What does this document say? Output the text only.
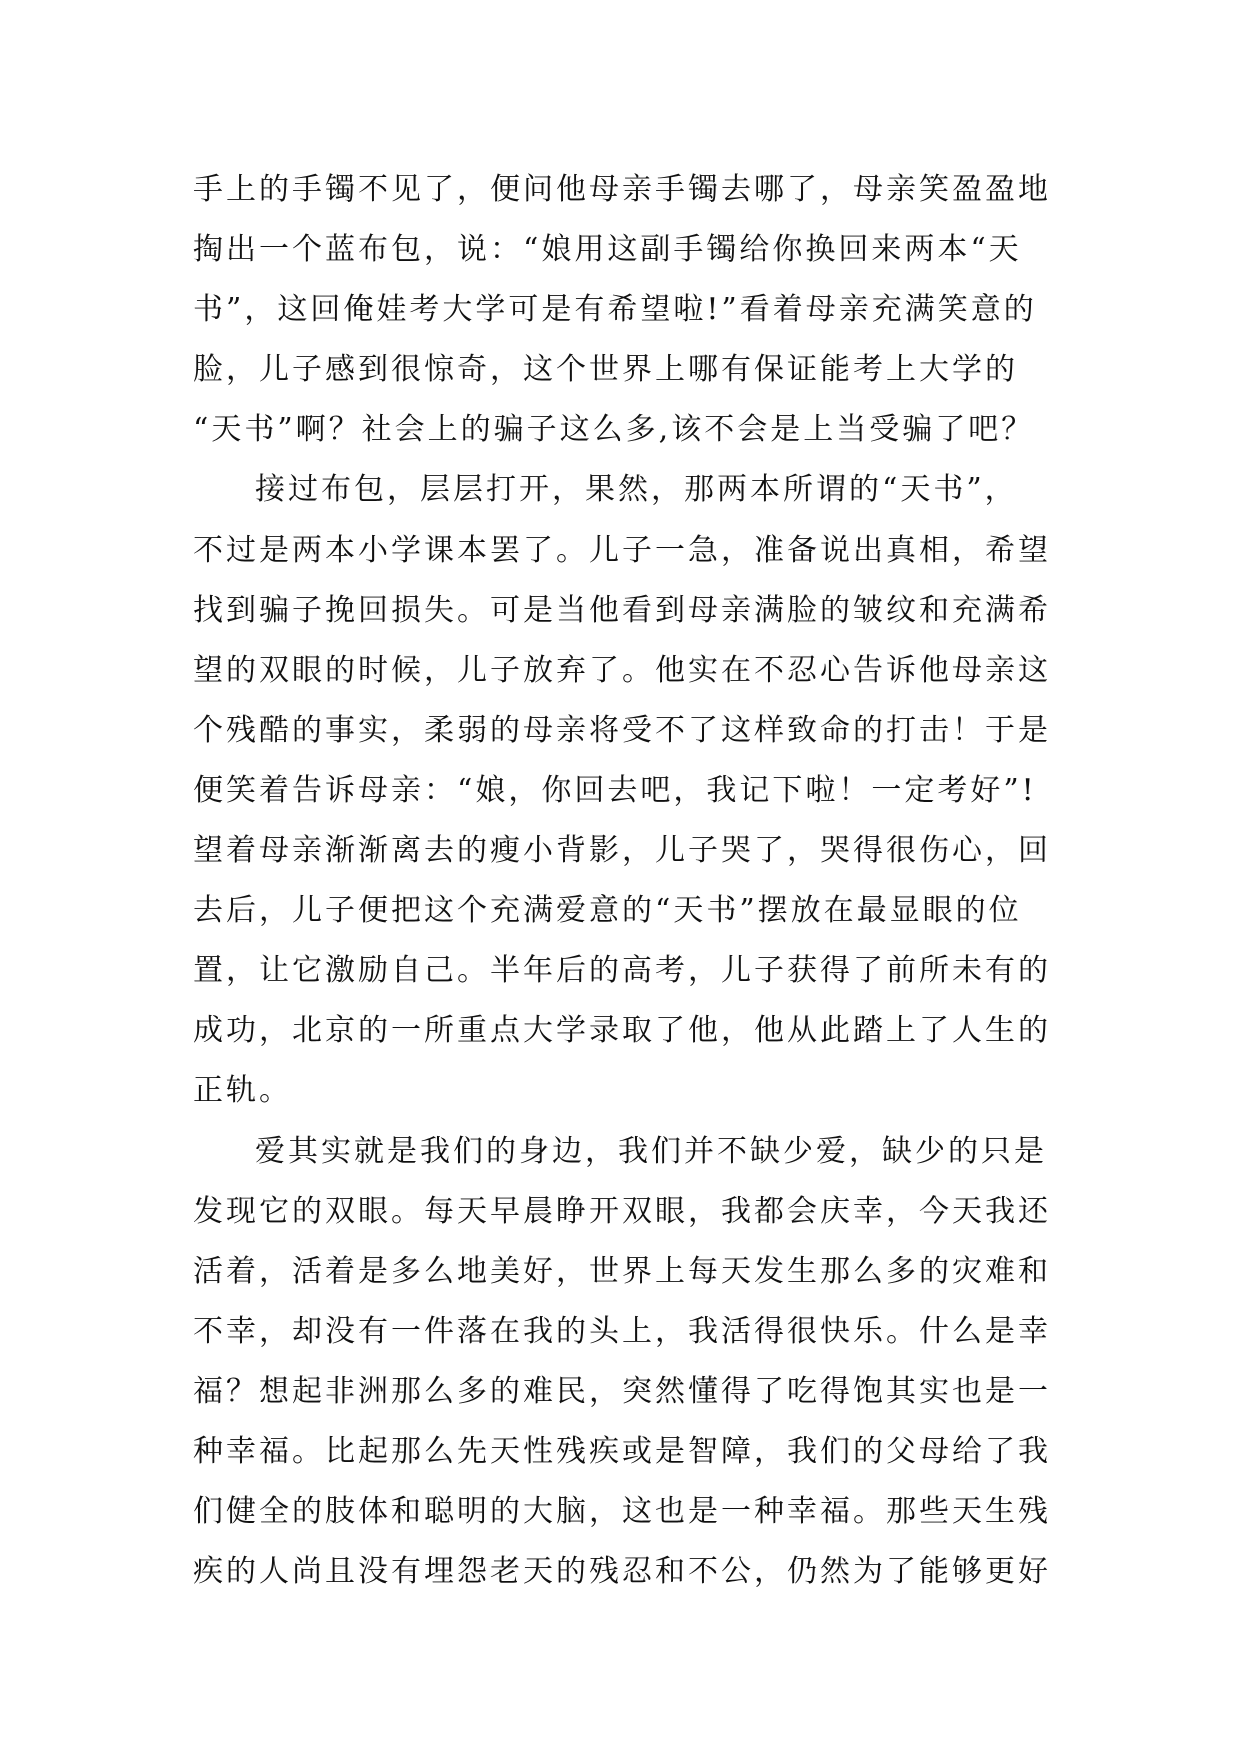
手上的手镯不见了，便问他母亲手镯去哪了，母亲笑盈盈地
掏出一个蓝布包，说：“娘用这副手镯给你换回来两本“天
书”，这回俺娃考大学可是有希望啦!”看着母亲充满笑意的
脸，儿子感到很惊奇，这个世界上哪有保证能考上大学的
“天书”啊？社会上的骗子这么多,该不会是上当受骗了吧？
接过布包，层层打开，果然，那两本所谓的“天书”，
不过是两本小学课本罢了。儿子一急，准备说出真相，希望
找到骗子挽回损失。可是当他看到母亲满脸的皱纹和充满希
望的双眼的时候，儿子放弃了。他实在不忍心告诉他母亲这
个残酷的事实，柔弱的母亲将受不了这样致命的打击！于是
便笑着告诉母亲：“娘，你回去吧，我记下啦！一定考好”!
望着母亲渐渐离去的瘦小背影，儿子哭了，哭得很伤心，回
去后，儿子便把这个充满爱意的“天书”摆放在最显眼的位
置，让它激励自己。半年后的高考，儿子获得了前所未有的
成功，北京的一所重点大学录取了他，他从此踏上了人生的
正轨。
爱其实就是我们的身边，我们并不缺少爱，缺少的只是
发现它的双眼。每天早晨睁开双眼，我都会庆幸，今天我还
活着，活着是多么地美好，世界上每天发生那么多的灾难和
不幸，却没有一件落在我的头上，我活得很快乐。什么是幸
福？想起非洲那么多的难民，突然懂得了吃得饱其实也是一
种幸福。比起那么先天性残疾或是智障，我们的父母给了我
们健全的肢体和聪明的大脑，这也是一种幸福。那些天生残
疾的人尚且没有埋怨老天的残忍和不公，仍然为了能够更好
